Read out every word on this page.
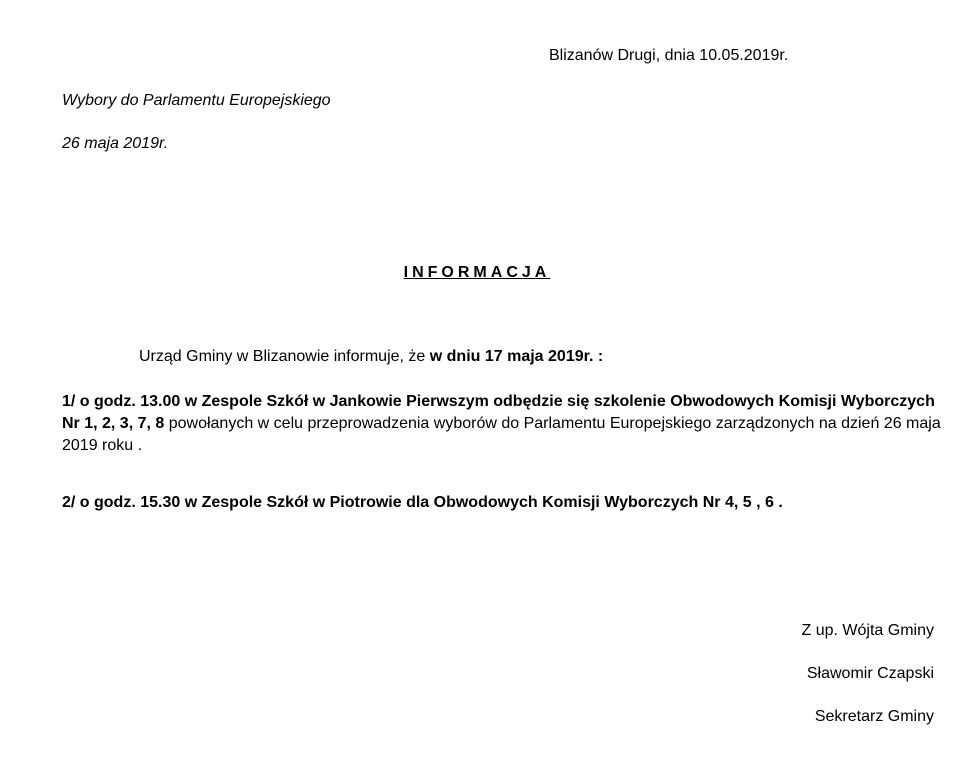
Blizanów Drugi, dnia 10.05.2019r.
Wybory do Parlamentu Europejskiego
26 maja 2019r.
INFORMACJA
Urząd Gminy w Blizanowie informuje, że w dniu 17 maja 2019r. :

1/ o godz. 13.00 w Zespole Szkół w Jankowie Pierwszym odbędzie się szkolenie Obwodowych Komisji Wyborczych Nr 1, 2, 3, 7, 8 powołanych w celu przeprowadzenia wyborów do Parlamentu Europejskiego zarządzonych na dzień 26 maja 2019 roku .

2/ o godz. 15.30 w Zespole Szkół w Piotrowie dla Obwodowych Komisji Wyborczych Nr 4, 5 , 6 .

Z up. Wójta Gminy
Sławomir Czapski
Sekretarz Gminy
